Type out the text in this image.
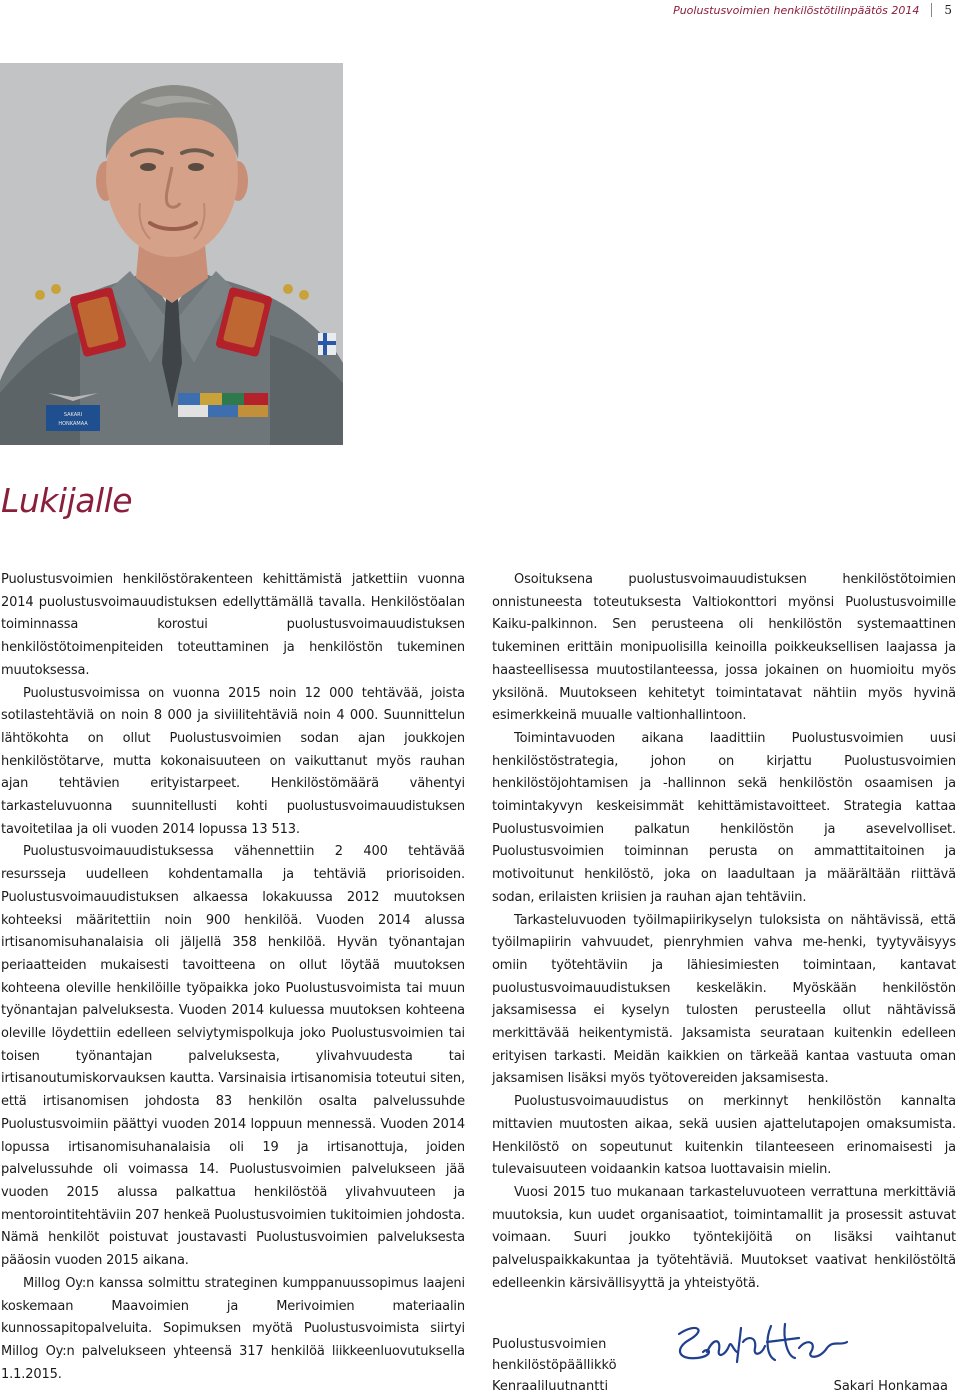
Puolustusvoimien henkilöstötilinpäätös 2014 5
SAKARI
HONKAMAA
Lukijalle

Puolustusvoimien henkilöstörakenteen kehittämistä jatkettiin vuonna 2014 puolustusvoimauudistuksen edellyttämällä tavalla. Henkilöstöalan toiminnassa korostui puolustusvoimauudistuksen henkilöstötoimenpiteiden toteuttaminen ja henkilöstön tukeminen muutoksessa.

Puolustusvoimissa on vuonna 2015 noin 12 000 tehtävää, joista sotilastehtäviä on noin 8 000 ja siviilitehtäviä noin 4 000. Suunnittelun lähtökohta on ollut Puolustusvoimien sodan ajan joukkojen henkilöstötarve, mutta kokonaisuuteen on vaikuttanut myös rauhan ajan tehtävien erityistarpeet. Henkilöstömäärä vähentyi tarkasteluvuonna suunnitellusti kohti puolustusvoimauudistuksen tavoitetilaa ja oli vuoden 2014 lopussa 13 513.

Puolustusvoimauudistuksessa vähennettiin 2 400 tehtävää resursseja uudelleen kohdentamalla ja tehtäviä priorisoiden. Puolustusvoimauudistuksen alkaessa lokakuussa 2012 muutoksen kohteeksi määritettiin noin 900 henkilöä. Vuoden 2014 alussa irtisanomisuhanalaisia oli jäljellä 358 henkilöä. Hyvän työnantajan periaatteiden mukaisesti tavoitteena on ollut löytää muutoksen kohteena oleville henkilöille työpaikka joko Puolustusvoimista tai muun työnantajan palveluksesta. Vuoden 2014 kuluessa muutoksen kohteena oleville löydettiin edelleen selviytymispolkuja joko Puolustusvoimien tai toisen työnantajan palveluksesta, ylivahvuudesta tai irtisanoutumiskorvauksen kautta. Varsinaisia irtisanomisia toteutui siten, että irtisanomisen johdosta 83 henkilön osalta palvelussuhde Puolustusvoimiin päättyi vuoden 2014 loppuun mennessä. Vuoden 2014 lopussa irtisanomisuhanalaisia oli 19 ja irtisanottuja, joiden palvelussuhde oli voimassa 14. Puolustusvoimien palvelukseen jää vuoden 2015 alussa palkattua henkilöstöä ylivahvuuteen ja mentorointitehtäviin 207 henkeä Puolustusvoimien tukitoimien johdosta. Nämä henkilöt poistuvat joustavasti Puolustusvoimien palveluksesta pääosin vuoden 2015 aikana.

Millog Oy:n kanssa solmittu strateginen kumppanuussopimus laajeni koskemaan Maavoimien ja Merivoimien materiaalin kunnossapitopalveluita. Sopimuksen myötä Puolustusvoimista siirtyi Millog Oy:n palvelukseen yhteensä 317 henkilöä liikkeenluovutuksella 1.1.2015.

Osoituksena puolustusvoimauudistuksen henkilöstötoimien onnistuneesta toteutuksesta Valtiokonttori myönsi Puolustusvoimille Kaiku-palkinnon. Sen perusteena oli henkilöstön systemaattinen tukeminen erittäin monipuolisilla keinoilla poikkeuksellisen laajassa ja haasteellisessa muutostilanteessa, jossa jokainen on huomioitu myös yksilönä. Muutokseen kehitetyt toimintatavat nähtiin myös hyvinä esimerkkeinä muualle valtionhallintoon.

Toimintavuoden aikana laadittiin Puolustusvoimien uusi henkilöstöstrategia, johon on kirjattu Puolustusvoimien henkilöstöjohtamisen ja -hallinnon sekä henkilöstön osaamisen ja toimintakyvyn keskeisimmät kehittämistavoitteet. Strategia kattaa Puolustusvoimien palkatun henkilöstön ja asevelvolliset. Puolustusvoimien toiminnan perusta on ammattitaitoinen ja motivoitunut henkilöstö, joka on laadultaan ja määrältään riittävä sodan, erilaisten kriisien ja rauhan ajan tehtäviin.

Tarkasteluvuoden työilmapiirikyselyn tuloksista on nähtävissä, että työilmapiirin vahvuudet, pienryhmien vahva me-henki, tyytyväisyys omiin työtehtäviin ja lähiesimiesten toimintaan, kantavat puolustusvoimauudistuksen keskeläkin. Myöskään henkilöstön jaksamisessa ei kyselyn tulosten perusteella ollut nähtävissä merkittävää heikentymistä. Jaksamista seurataan kuitenkin edelleen erityisen tarkasti. Meidän kaikkien on tärkeää kantaa vastuuta oman jaksamisen lisäksi myös työtovereiden jaksamisesta.

Puolustusvoimauudistus on merkinnyt henkilöstön kannalta mittavien muutosten aikaa, sekä uusien ajattelutapojen omaksumista. Henkilöstö on sopeutunut kuitenkin tilanteeseen erinomaisesti ja tulevaisuuteen voidaankin katsoa luottavaisin mielin.

Vuosi 2015 tuo mukanaan tarkasteluvuoteen verrattuna merkittäviä muutoksia, kun uudet organisaatiot, toimintamallit ja prosessit astuvat voimaan. Suuri joukko työntekijöitä on lisäksi vaihtanut palveluspaikkakuntaa ja työtehtäviä. Muutokset vaativat henkilöstöltä edelleenkin kärsivällisyyttä ja yhteistyötä.

Puolustusvoimien
henkilöstöpäällikkö
Kenraaliluutnantti	Sakari Honkamaa
